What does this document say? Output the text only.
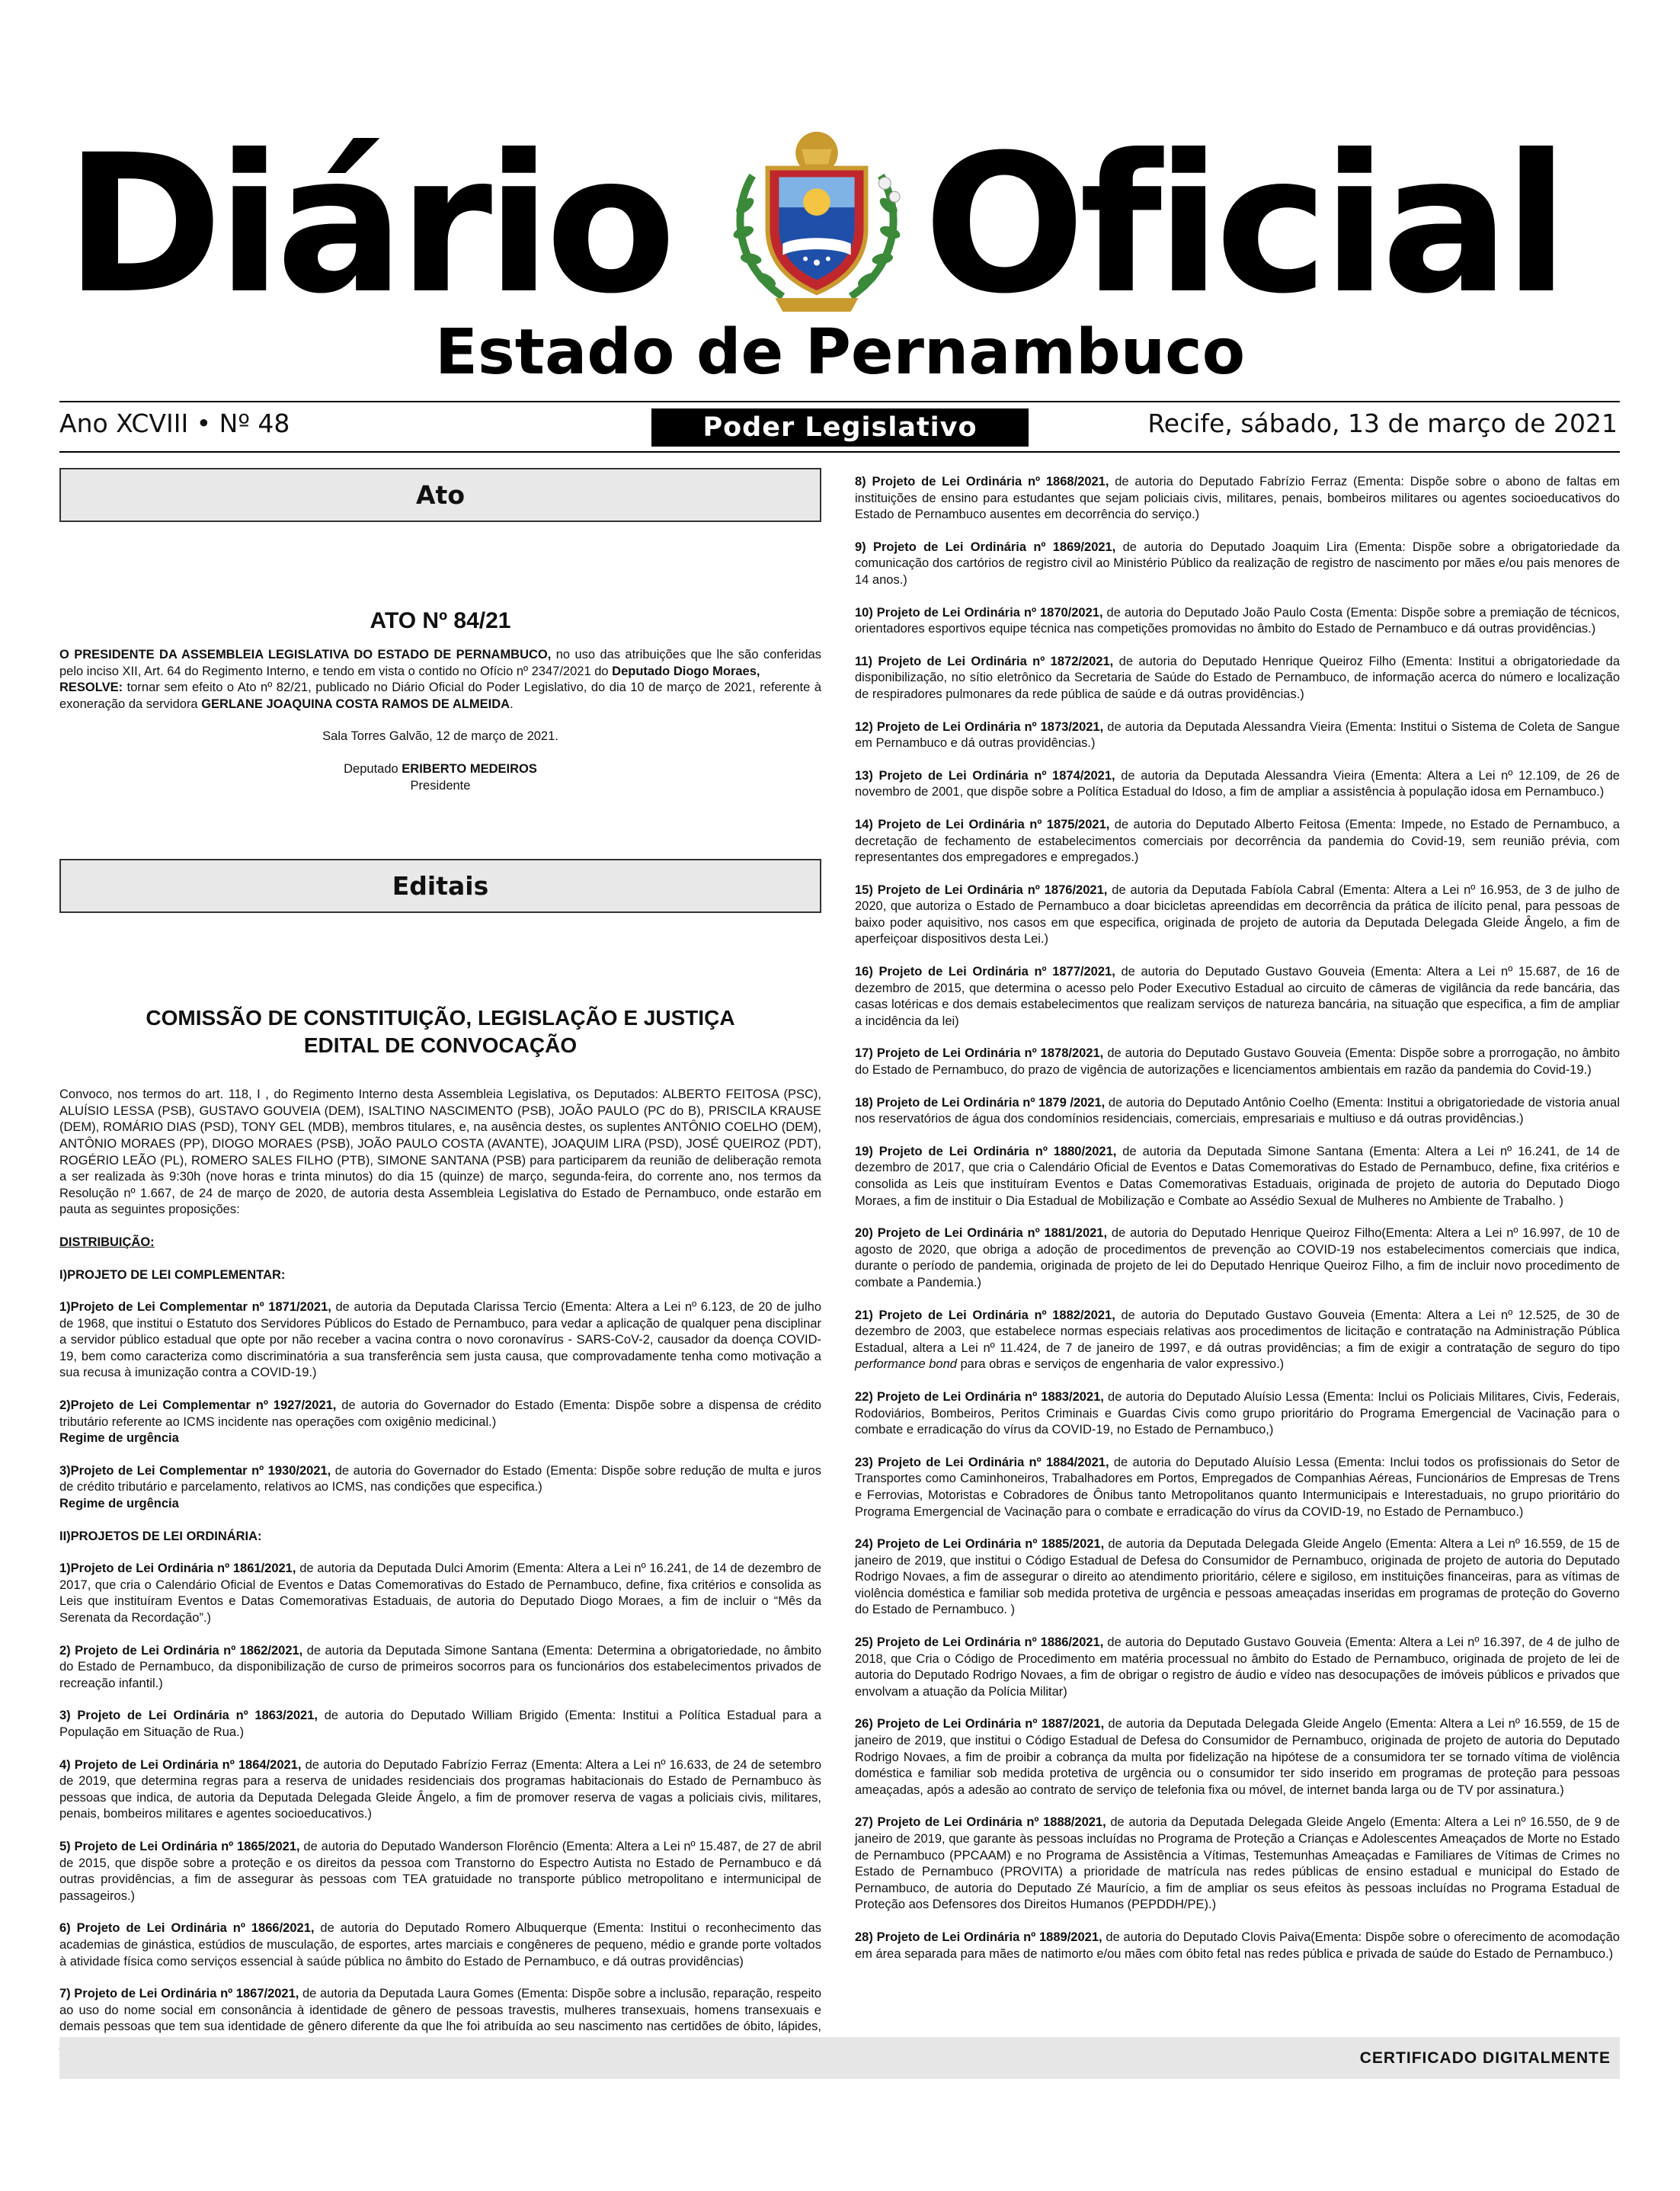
Diário Oficial
Estado de Pernambuco
Ano XCVIII • Nº 48	Poder Legislativo	Recife, sábado, 13 de março de 2021
Ato
ATO Nº 84/21

O PRESIDENTE DA ASSEMBLEIA LEGISLATIVA DO ESTADO DE PERNAMBUCO, no uso das atribuições que lhe são conferidas pelo inciso XII, Art. 64 do Regimento Interno, e tendo em vista o contido no Ofício nº 2347/2021 do Deputado Diogo Moraes,
RESOLVE: tornar sem efeito o Ato nº 82/21, publicado no Diário Oficial do Poder Legislativo, do dia 10 de março de 2021, referente à exoneração da servidora GERLANE JOAQUINA COSTA RAMOS DE ALMEIDA.

Sala Torres Galvão, 12 de março de 2021.

Deputado ERIBERTO MEDEIROS
Presidente

Editais
COMISSÃO DE CONSTITUIÇÃO, LEGISLAÇÃO E JUSTIÇA
EDITAL DE CONVOCAÇÃO

Convoco, nos termos do art. 118, I , do Regimento Interno desta Assembleia Legislativa, os Deputados: ALBERTO FEITOSA (PSC), ALUÍSIO LESSA (PSB), GUSTAVO GOUVEIA (DEM), ISALTINO NASCIMENTO (PSB), JOÃO PAULO (PC do B), PRISCILA KRAUSE (DEM), ROMÁRIO DIAS (PSD), TONY GEL (MDB), membros titulares, e, na ausência destes, os suplentes ANTÔNIO COELHO (DEM), ANTÔNIO MORAES (PP), DIOGO MORAES (PSB), JOÃO PAULO COSTA (AVANTE), JOAQUIM LIRA (PSD), JOSÉ QUEIROZ (PDT), ROGÉRIO LEÃO (PL), ROMERO SALES FILHO (PTB), SIMONE SANTANA (PSB) para participarem da reunião de deliberação remota a ser realizada às 9:30h (nove horas e trinta minutos) do dia 15 (quinze) de março, segunda-feira, do corrente ano, nos termos da Resolução nº 1.667, de 24 de março de 2020, de autoria desta Assembleia Legislativa do Estado de Pernambuco, onde estarão em pauta as seguintes proposições:

DISTRIBUIÇÃO:

I)PROJETO DE LEI COMPLEMENTAR:

1)Projeto de Lei Complementar nº 1871/2021, de autoria da Deputada Clarissa Tercio (Ementa: Altera a Lei nº 6.123, de 20 de julho de 1968, que institui o Estatuto dos Servidores Públicos do Estado de Pernambuco, para vedar a aplicação de qualquer pena disciplinar a servidor público estadual que opte por não receber a vacina contra o novo coronavírus - SARS-CoV-2, causador da doença COVID-19, bem como caracteriza como discriminatória a sua transferência sem justa causa, que comprovadamente tenha como motivação a sua recusa à imunização contra a COVID-19.)

2)Projeto de Lei Complementar nº 1927/2021, de autoria do Governador do Estado (Ementa: Dispõe sobre a dispensa de crédito tributário referente ao ICMS incidente nas operações com oxigênio medicinal.)
Regime de urgência

3)Projeto de Lei Complementar nº 1930/2021, de autoria do Governador do Estado (Ementa: Dispõe sobre redução de multa e juros de crédito tributário e parcelamento, relativos ao ICMS, nas condições que especifica.)
Regime de urgência

II)PROJETOS DE LEI ORDINÁRIA:

1)Projeto de Lei Ordinária nº 1861/2021, de autoria da Deputada Dulci Amorim (Ementa: Altera a Lei nº 16.241, de 14 de dezembro de 2017, que cria o Calendário Oficial de Eventos e Datas Comemorativas do Estado de Pernambuco, define, fixa critérios e consolida as Leis que instituíram Eventos e Datas Comemorativas Estaduais, de autoria do Deputado Diogo Moraes, a fim de incluir o “Mês da Serenata da Recordação”.)

2) Projeto de Lei Ordinária nº 1862/2021, de autoria da Deputada Simone Santana (Ementa: Determina a obrigatoriedade, no âmbito do Estado de Pernambuco, da disponibilização de curso de primeiros socorros para os funcionários dos estabelecimentos privados de recreação infantil.)

3) Projeto de Lei Ordinária nº 1863/2021, de autoria do Deputado William Brigido (Ementa: Institui a Política Estadual para a População em Situação de Rua.)

4) Projeto de Lei Ordinária nº 1864/2021, de autoria do Deputado Fabrízio Ferraz (Ementa: Altera a Lei nº 16.633, de 24 de setembro de 2019, que determina regras para a reserva de unidades residenciais dos programas habitacionais do Estado de Pernambuco às pessoas que indica, de autoria da Deputada Delegada Gleide Ângelo, a fim de promover reserva de vagas a policiais civis, militares, penais, bombeiros militares e agentes socioeducativos.)

5) Projeto de Lei Ordinária nº 1865/2021, de autoria do Deputado Wanderson Florêncio (Ementa: Altera a Lei nº 15.487, de 27 de abril de 2015, que dispõe sobre a proteção e os direitos da pessoa com Transtorno do Espectro Autista no Estado de Pernambuco e dá outras providências, a fim de assegurar às pessoas com TEA gratuidade no transporte público metropolitano e intermunicipal de passageiros.)

6) Projeto de Lei Ordinária nº 1866/2021, de autoria do Deputado Romero Albuquerque (Ementa: Institui o reconhecimento das academias de ginástica, estúdios de musculação, de esportes, artes marciais e congêneres de pequeno, médio e grande porte voltados à atividade física como serviços essencial à saúde pública no âmbito do Estado de Pernambuco, e dá outras providências)

7) Projeto de Lei Ordinária nº 1867/2021, de autoria da Deputada Laura Gomes (Ementa: Dispõe sobre a inclusão, reparação, respeito ao uso do nome social em consonância à identidade de gênero de pessoas travestis, mulheres transexuais, homens transexuais e demais pessoas que tem sua identidade de gênero diferente da que lhe foi atribuída ao seu nascimento nas certidões de óbito, lápides,

8) Projeto de Lei Ordinária nº 1868/2021, de autoria do Deputado Fabrízio Ferraz (Ementa: Dispõe sobre o abono de faltas em instituições de ensino para estudantes que sejam policiais civis, militares, penais, bombeiros militares ou agentes socioeducativos do Estado de Pernambuco ausentes em decorrência do serviço.)

9) Projeto de Lei Ordinária nº 1869/2021, de autoria do Deputado Joaquim Lira (Ementa: Dispõe sobre a obrigatoriedade da comunicação dos cartórios de registro civil ao Ministério Público da realização de registro de nascimento por mães e/ou pais menores de 14 anos.)

10) Projeto de Lei Ordinária nº 1870/2021, de autoria do Deputado João Paulo Costa (Ementa: Dispõe sobre a premiação de técnicos, orientadores esportivos equipe técnica nas competições promovidas no âmbito do Estado de Pernambuco e dá outras providências.)

11) Projeto de Lei Ordinária nº 1872/2021, de autoria do Deputado Henrique Queiroz Filho (Ementa: Institui a obrigatoriedade da disponibilização, no sítio eletrônico da Secretaria de Saúde do Estado de Pernambuco, de informação acerca do número e localização de respiradores pulmonares da rede pública de saúde e dá outras providências.)

12) Projeto de Lei Ordinária nº 1873/2021, de autoria da Deputada Alessandra Vieira (Ementa: Institui o Sistema de Coleta de Sangue em Pernambuco e dá outras providências.)

13) Projeto de Lei Ordinária nº 1874/2021, de autoria da Deputada Alessandra Vieira (Ementa: Altera a Lei nº 12.109, de 26 de novembro de 2001, que dispõe sobre a Política Estadual do Idoso, a fim de ampliar a assistência à população idosa em Pernambuco.)

14) Projeto de Lei Ordinária nº 1875/2021, de autoria do Deputado Alberto Feitosa (Ementa: Impede, no Estado de Pernambuco, a decretação de fechamento de estabelecimentos comerciais por decorrência da pandemia do Covid-19, sem reunião prévia, com representantes dos empregadores e empregados.)

15) Projeto de Lei Ordinária nº 1876/2021, de autoria da Deputada Fabíola Cabral (Ementa: Altera a Lei nº 16.953, de 3 de julho de 2020, que autoriza o Estado de Pernambuco a doar bicicletas apreendidas em decorrência da prática de ilícito penal, para pessoas de baixo poder aquisitivo, nos casos em que especifica, originada de projeto de autoria da Deputada Delegada Gleide Ângelo, a fim de aperfeiçoar dispositivos desta Lei.)

16) Projeto de Lei Ordinária nº 1877/2021, de autoria do Deputado Gustavo Gouveia (Ementa: Altera a Lei nº 15.687, de 16 de dezembro de 2015, que determina o acesso pelo Poder Executivo Estadual ao circuito de câmeras de vigilância da rede bancária, das casas lotéricas e dos demais estabelecimentos que realizam serviços de natureza bancária, na situação que especifica, a fim de ampliar a incidência da lei)

17) Projeto de Lei Ordinária nº 1878/2021, de autoria do Deputado Gustavo Gouveia (Ementa: Dispõe sobre a prorrogação, no âmbito do Estado de Pernambuco, do prazo de vigência de autorizações e licenciamentos ambientais em razão da pandemia do Covid-19.)

18) Projeto de Lei Ordinária nº 1879 /2021, de autoria do Deputado Antônio Coelho (Ementa: Institui a obrigatoriedade de vistoria anual nos reservatórios de água dos condomínios residenciais, comerciais, empresariais e multiuso e dá outras providências.)

19) Projeto de Lei Ordinária nº 1880/2021, de autoria da Deputada Simone Santana (Ementa: Altera a Lei nº 16.241, de 14 de dezembro de 2017, que cria o Calendário Oficial de Eventos e Datas Comemorativas do Estado de Pernambuco, define, fixa critérios e consolida as Leis que instituíram Eventos e Datas Comemorativas Estaduais, originada de projeto de autoria do Deputado Diogo Moraes, a fim de instituir o Dia Estadual de Mobilização e Combate ao Assédio Sexual de Mulheres no Ambiente de Trabalho. )

20) Projeto de Lei Ordinária nº 1881/2021, de autoria do Deputado Henrique Queiroz Filho(Ementa: Altera a Lei nº 16.997, de 10 de agosto de 2020, que obriga a adoção de procedimentos de prevenção ao COVID-19 nos estabelecimentos comerciais que indica, durante o período de pandemia, originada de projeto de lei do Deputado Henrique Queiroz Filho, a fim de incluir novo procedimento de combate a Pandemia.)

21) Projeto de Lei Ordinária nº 1882/2021, de autoria do Deputado Gustavo Gouveia (Ementa: Altera a Lei nº 12.525, de 30 de dezembro de 2003, que estabelece normas especiais relativas aos procedimentos de licitação e contratação na Administração Pública Estadual, altera a Lei nº 11.424, de 7 de janeiro de 1997, e dá outras providências; a fim de exigir a contratação de seguro do tipo performance bond para obras e serviços de engenharia de valor expressivo.)

22) Projeto de Lei Ordinária nº 1883/2021, de autoria do Deputado Aluísio Lessa (Ementa: Inclui os Policiais Militares, Civis, Federais, Rodoviários, Bombeiros, Peritos Criminais e Guardas Civis como grupo prioritário do Programa Emergencial de Vacinação para o combate e erradicação do vírus da COVID-19, no Estado de Pernambuco,)

23) Projeto de Lei Ordinária nº 1884/2021, de autoria do Deputado Aluísio Lessa (Ementa: Inclui todos os profissionais do Setor de Transportes como Caminhoneiros, Trabalhadores em Portos, Empregados de Companhias Aéreas, Funcionários de Empresas de Trens e Ferrovias, Motoristas e Cobradores de Ônibus tanto Metropolitanos quanto Intermunicipais e Interestaduais, no grupo prioritário do Programa Emergencial de Vacinação para o combate e erradicação do vírus da COVID-19, no Estado de Pernambuco.)

24) Projeto de Lei Ordinária nº 1885/2021, de autoria da Deputada Delegada Gleide Angelo (Ementa: Altera a Lei nº 16.559, de 15 de janeiro de 2019, que institui o Código Estadual de Defesa do Consumidor de Pernambuco, originada de projeto de autoria do Deputado Rodrigo Novaes, a fim de assegurar o direito ao atendimento prioritário, célere e sigiloso, em instituições financeiras, para as vítimas de violência doméstica e familiar sob medida protetiva de urgência e pessoas ameaçadas inseridas em programas de proteção do Governo do Estado de Pernambuco. )

25) Projeto de Lei Ordinária nº 1886/2021, de autoria do Deputado Gustavo Gouveia (Ementa: Altera a Lei nº 16.397, de 4 de julho de 2018, que Cria o Código de Procedimento em matéria processual no âmbito do Estado de Pernambuco, originada de projeto de lei de autoria do Deputado Rodrigo Novaes, a fim de obrigar o registro de áudio e vídeo nas desocupações de imóveis públicos e privados que envolvam a atuação da Polícia Militar)

26) Projeto de Lei Ordinária nº 1887/2021, de autoria da Deputada Delegada Gleide Angelo (Ementa: Altera a Lei nº 16.559, de 15 de janeiro de 2019, que institui o Código Estadual de Defesa do Consumidor de Pernambuco, originada de projeto de autoria do Deputado Rodrigo Novaes, a fim de proibir a cobrança da multa por fidelização na hipótese de a consumidora ter se tornado vítima de violência doméstica e familiar sob medida protetiva de urgência ou o consumidor ter sido inserido em programas de proteção para pessoas ameaçadas, após a adesão ao contrato de serviço de telefonia fixa ou móvel, de internet banda larga ou de TV por assinatura.)

27) Projeto de Lei Ordinária nº 1888/2021, de autoria da Deputada Delegada Gleide Angelo (Ementa: Altera a Lei nº 16.550, de 9 de janeiro de 2019, que garante às pessoas incluídas no Programa de Proteção a Crianças e Adolescentes Ameaçados de Morte no Estado de Pernambuco (PPCAAM) e no Programa de Assistência a Vítimas, Testemunhas Ameaçadas e Familiares de Vítimas de Crimes no Estado de Pernambuco (PROVITA) a prioridade de matrícula nas redes públicas de ensino estadual e municipal do Estado de Pernambuco, de autoria do Deputado Zé Maurício, a fim de ampliar os seus efeitos às pessoas incluídas no Programa Estadual de Proteção aos Defensores dos Direitos Humanos (PEPDDH/PE).)

28) Projeto de Lei Ordinária nº 1889/2021, de autoria do Deputado Clovis Paiva(Ementa: Dispõe sobre o oferecimento de acomodação em área separada para mães de natimorto e/ou mães com óbito fetal nas redes pública e privada de saúde do Estado de Pernambuco.)

CERTIFICADO DIGITALMENTE
